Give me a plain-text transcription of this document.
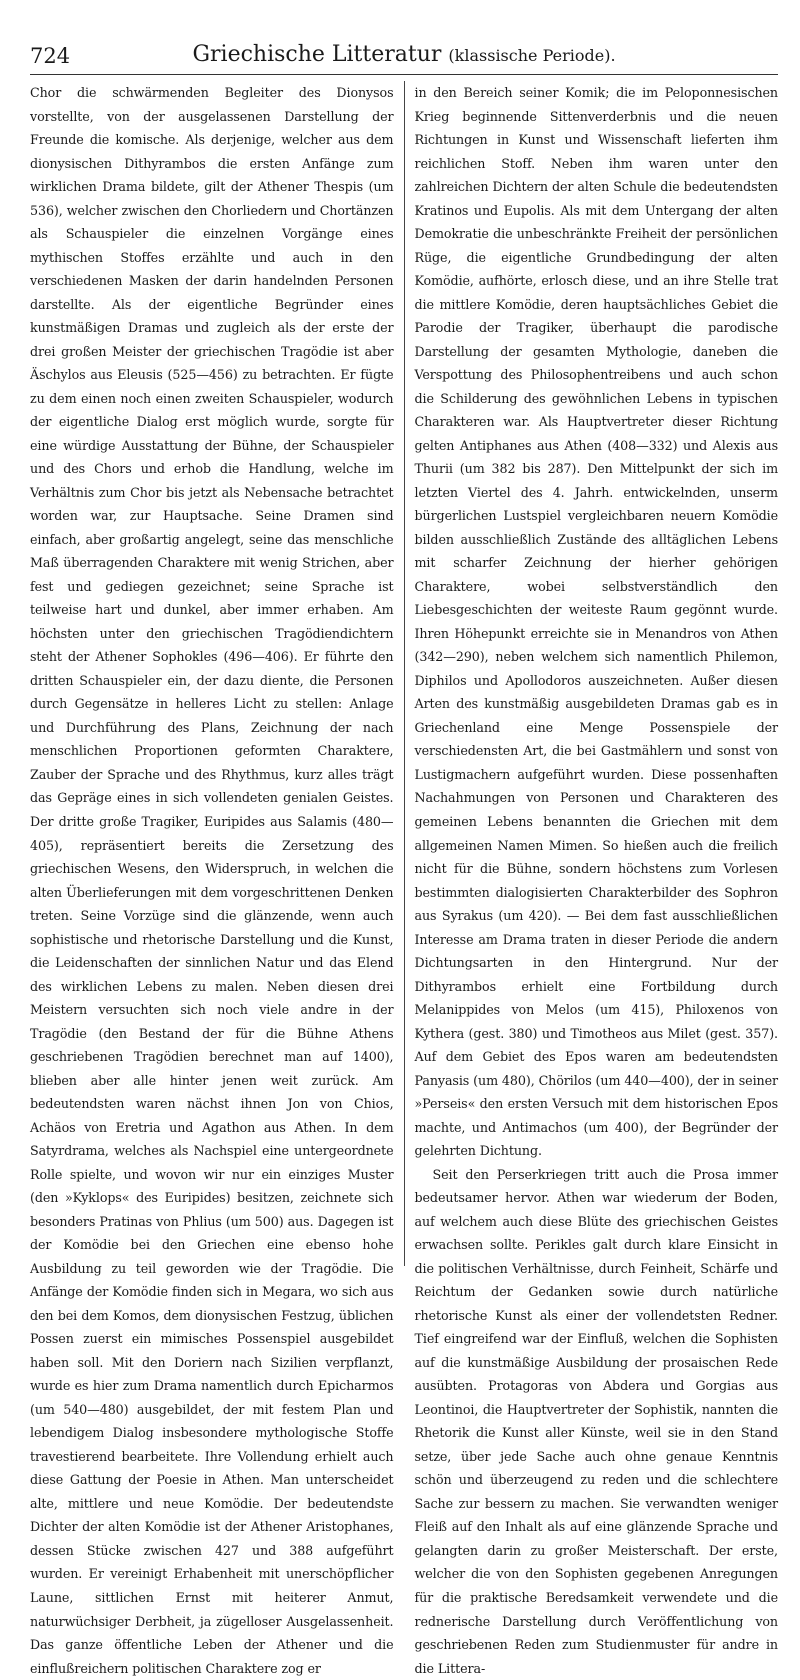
724	Griechische Litteratur (klassische Periode).

Chor die schwärmenden Begleiter des Dionysos vorstellte, von der ausgelassenen Darstellung der Freunde die komische. Als derjenige, welcher aus dem dionysischen Dithyrambos die ersten Anfänge zum wirklichen Drama bildete, gilt der Athener Thespis (um 536), welcher zwischen den Chorliedern und Chortänzen als Schauspieler die einzelnen Vorgänge eines mythischen Stoffes erzählte und auch in den verschiedenen Masken der darin handelnden Personen darstellte. Als der eigentliche Begründer eines kunstmäßigen Dramas und zugleich als der erste der drei großen Meister der griechischen Tragödie ist aber Äschylos aus Eleusis (525—456) zu betrachten. Er fügte zu dem einen noch einen zweiten Schauspieler, wodurch der eigentliche Dialog erst möglich wurde, sorgte für eine würdige Ausstattung der Bühne, der Schauspieler und des Chors und erhob die Handlung, welche im Verhältnis zum Chor bis jetzt als Nebensache betrachtet worden war, zur Hauptsache. Seine Dramen sind einfach, aber großartig angelegt, seine das menschliche Maß überragenden Charaktere mit wenig Strichen, aber fest und gediegen gezeichnet; seine Sprache ist teilweise hart und dunkel, aber immer erhaben. Am höchsten unter den griechischen Tragödiendichtern steht der Athener Sophokles (496—406). Er führte den dritten Schauspieler ein, der dazu diente, die Personen durch Gegensätze in helleres Licht zu stellen: Anlage und Durchführung des Plans, Zeichnung der nach menschlichen Proportionen geformten Charaktere, Zauber der Sprache und des Rhythmus, kurz alles trägt das Gepräge eines in sich vollendeten genialen Geistes. Der dritte große Tragiker, Euripides aus Salamis (480—405), repräsentiert bereits die Zersetzung des griechischen Wesens, den Widerspruch, in welchen die alten Überlieferungen mit dem vorgeschrittenen Denken treten. Seine Vorzüge sind die glänzende, wenn auch sophistische und rhetorische Darstellung und die Kunst, die Leidenschaften der sinnlichen Natur und das Elend des wirklichen Lebens zu malen. Neben diesen drei Meistern versuchten sich noch viele andre in der Tragödie (den Bestand der für die Bühne Athens geschriebenen Tragödien berechnet man auf 1400), blieben aber alle hinter jenen weit zurück. Am bedeutendsten waren nächst ihnen Jon von Chios, Achäos von Eretria und Agathon aus Athen. In dem Satyrdrama, welches als Nachspiel eine untergeordnete Rolle spielte, und wovon wir nur ein einziges Muster (den »Kyklops« des Euripides) besitzen, zeichnete sich besonders Pratinas von Phlius (um 500) aus. Dagegen ist der Komödie bei den Griechen eine ebenso hohe Ausbildung zu teil geworden wie der Tragödie. Die Anfänge der Komödie finden sich in Megara, wo sich aus den bei dem Komos, dem dionysischen Festzug, üblichen Possen zuerst ein mimisches Possenspiel ausgebildet haben soll. Mit den Doriern nach Sizilien verpflanzt, wurde es hier zum Drama namentlich durch Epicharmos (um 540—480) ausgebildet, der mit festem Plan und lebendigem Dialog insbesondere mythologische Stoffe travestierend bearbeitete. Ihre Vollendung erhielt auch diese Gattung der Poesie in Athen. Man unterscheidet alte, mittlere und neue Komödie. Der bedeutendste Dichter der alten Komödie ist der Athener Aristophanes, dessen Stücke zwischen 427 und 388 aufgeführt wurden. Er vereinigt Erhabenheit mit unerschöpflicher Laune, sittlichen Ernst mit heiterer Anmut, naturwüchsiger Derbheit, ja zügelloser Ausgelassenheit. Das ganze öffentliche Leben der Athener und die einflußreichern politischen Charaktere zog er

in den Bereich seiner Komik; die im Peloponnesischen Krieg beginnende Sittenverderbnis und die neuen Richtungen in Kunst und Wissenschaft lieferten ihm reichlichen Stoff. Neben ihm waren unter den zahlreichen Dichtern der alten Schule die bedeutendsten Kratinos und Eupolis. Als mit dem Untergang der alten Demokratie die unbeschränkte Freiheit der persönlichen Rüge, die eigentliche Grundbedingung der alten Komödie, aufhörte, erlosch diese, und an ihre Stelle trat die mittlere Komödie, deren hauptsächliches Gebiet die Parodie der Tragiker, überhaupt die parodische Darstellung der gesamten Mythologie, daneben die Verspottung des Philosophentreibens und auch schon die Schilderung des gewöhnlichen Lebens in typischen Charakteren war. Als Hauptvertreter dieser Richtung gelten Antiphanes aus Athen (408—332) und Alexis aus Thurii (um 382 bis 287). Den Mittelpunkt der sich im letzten Viertel des 4. Jahrh. entwickelnden, unserm bürgerlichen Lustspiel vergleichbaren neuern Komödie bilden ausschließlich Zustände des alltäglichen Lebens mit scharfer Zeichnung der hierher gehörigen Charaktere, wobei selbstverständlich den Liebesgeschichten der weiteste Raum gegönnt wurde. Ihren Höhepunkt erreichte sie in Menandros von Athen (342—290), neben welchem sich namentlich Philemon, Diphilos und Apollodoros auszeichneten. Außer diesen Arten des kunstmäßig ausgebildeten Dramas gab es in Griechenland eine Menge Possenspiele der verschiedensten Art, die bei Gastmählern und sonst von Lustigmachern aufgeführt wurden. Diese possenhaften Nachahmungen von Personen und Charakteren des gemeinen Lebens benannten die Griechen mit dem allgemeinen Namen Mimen. So hießen auch die freilich nicht für die Bühne, sondern höchstens zum Vorlesen bestimmten dialogisierten Charakterbilder des Sophron aus Syrakus (um 420). — Bei dem fast ausschließlichen Interesse am Drama traten in dieser Periode die andern Dichtungsarten in den Hintergrund. Nur der Dithyrambos erhielt eine Fortbildung durch Melanippides von Melos (um 415), Philoxenos von Kythera (gest. 380) und Timotheos aus Milet (gest. 357). Auf dem Gebiet des Epos waren am bedeutendsten Panyasis (um 480), Chörilos (um 440—400), der in seiner »Perseis« den ersten Versuch mit dem historischen Epos machte, und Antimachos (um 400), der Begründer der gelehrten Dichtung.

Seit den Perserkriegen tritt auch die Prosa immer bedeutsamer hervor. Athen war wiederum der Boden, auf welchem auch diese Blüte des griechischen Geistes erwachsen sollte. Perikles galt durch klare Einsicht in die politischen Verhältnisse, durch Feinheit, Schärfe und Reichtum der Gedanken sowie durch natürliche rhetorische Kunst als einer der vollendetsten Redner. Tief eingreifend war der Einfluß, welchen die Sophisten auf die kunstmäßige Ausbildung der prosaischen Rede ausübten. Protagoras von Abdera und Gorgias aus Leontinoi, die Hauptvertreter der Sophistik, nannten die Rhetorik die Kunst aller Künste, weil sie in den Stand setze, über jede Sache auch ohne genaue Kenntnis schön und überzeugend zu reden und die schlechtere Sache zur bessern zu machen. Sie verwandten weniger Fleiß auf den Inhalt als auf eine glänzende Sprache und gelangten darin zu großer Meisterschaft. Der erste, welcher die von den Sophisten gegebenen Anregungen für die praktische Beredsamkeit verwendete und die rednerische Darstellung durch Veröffentlichung von geschriebenen Reden zum Studienmuster für andre in die Littera-
